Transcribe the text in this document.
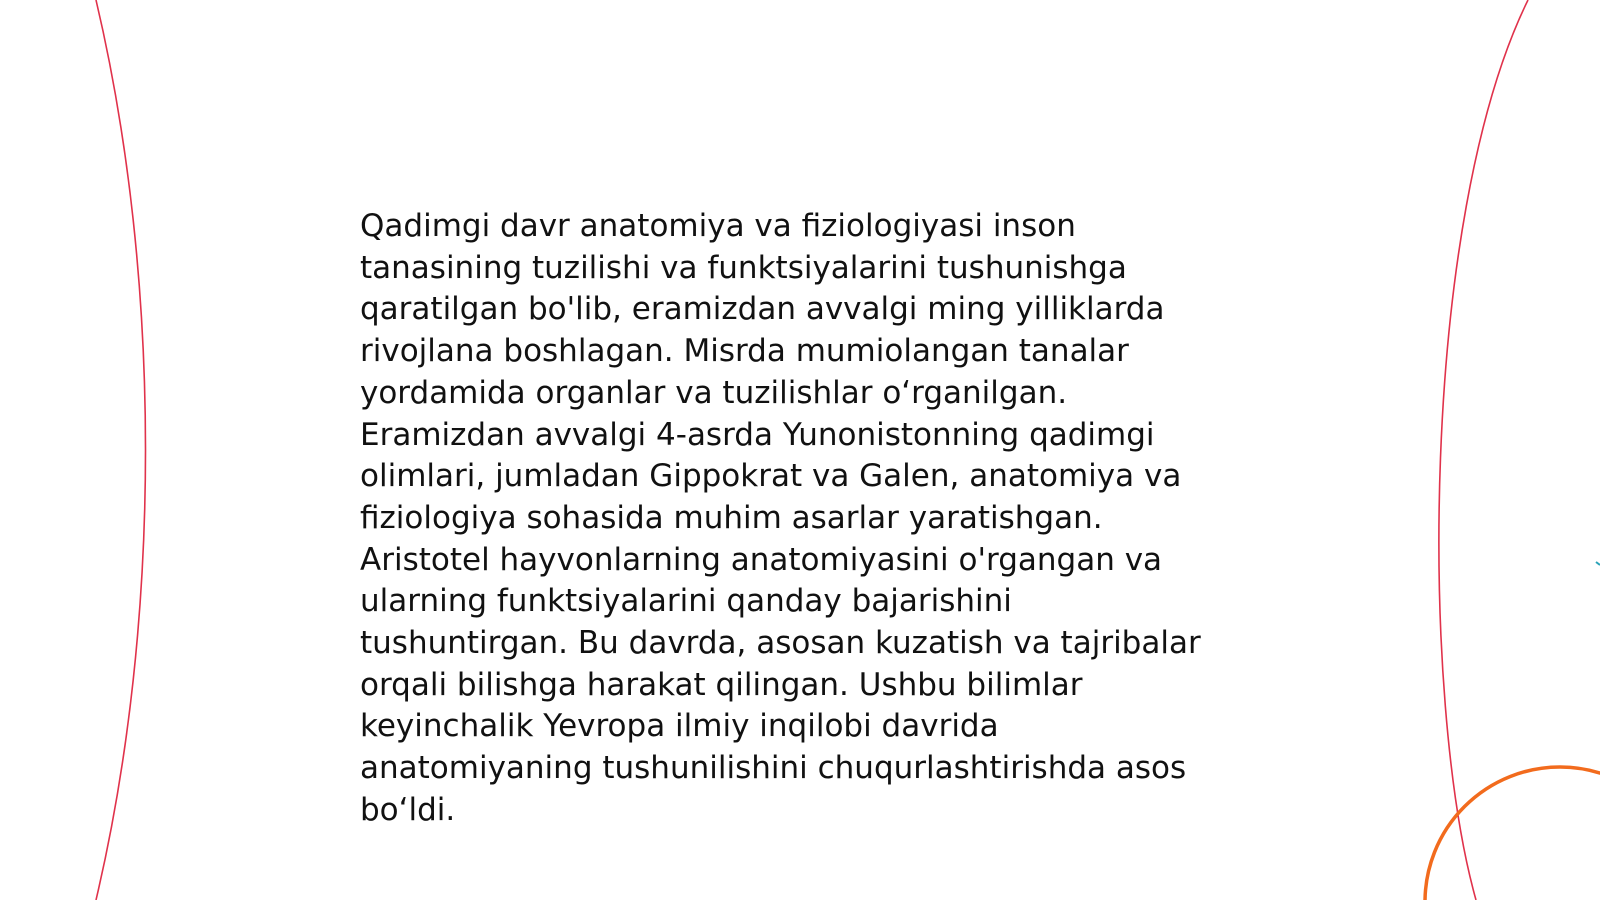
Qadimgi davr anatomiya va fiziologiyasi inson
tanasining tuzilishi va funktsiyalarini tushunishga
qaratilgan bo'lib, eramizdan avvalgi ming yilliklarda
rivojlana boshlagan. Misrda mumiolangan tanalar
yordamida organlar va tuzilishlar oʻrganilgan.
Eramizdan avvalgi 4-asrda Yunonistonning qadimgi
olimlari, jumladan Gippokrat va Galen, anatomiya va
fiziologiya sohasida muhim asarlar yaratishgan.
Aristotel hayvonlarning anatomiyasini o'rgangan va
ularning funktsiyalarini qanday bajarishini
tushuntirgan. Bu davrda, asosan kuzatish va tajribalar
orqali bilishga harakat qilingan. Ushbu bilimlar
keyinchalik Yevropa ilmiy inqilobi davrida
anatomiyaning tushunilishini chuqurlashtirishda asos
boʻldi.
